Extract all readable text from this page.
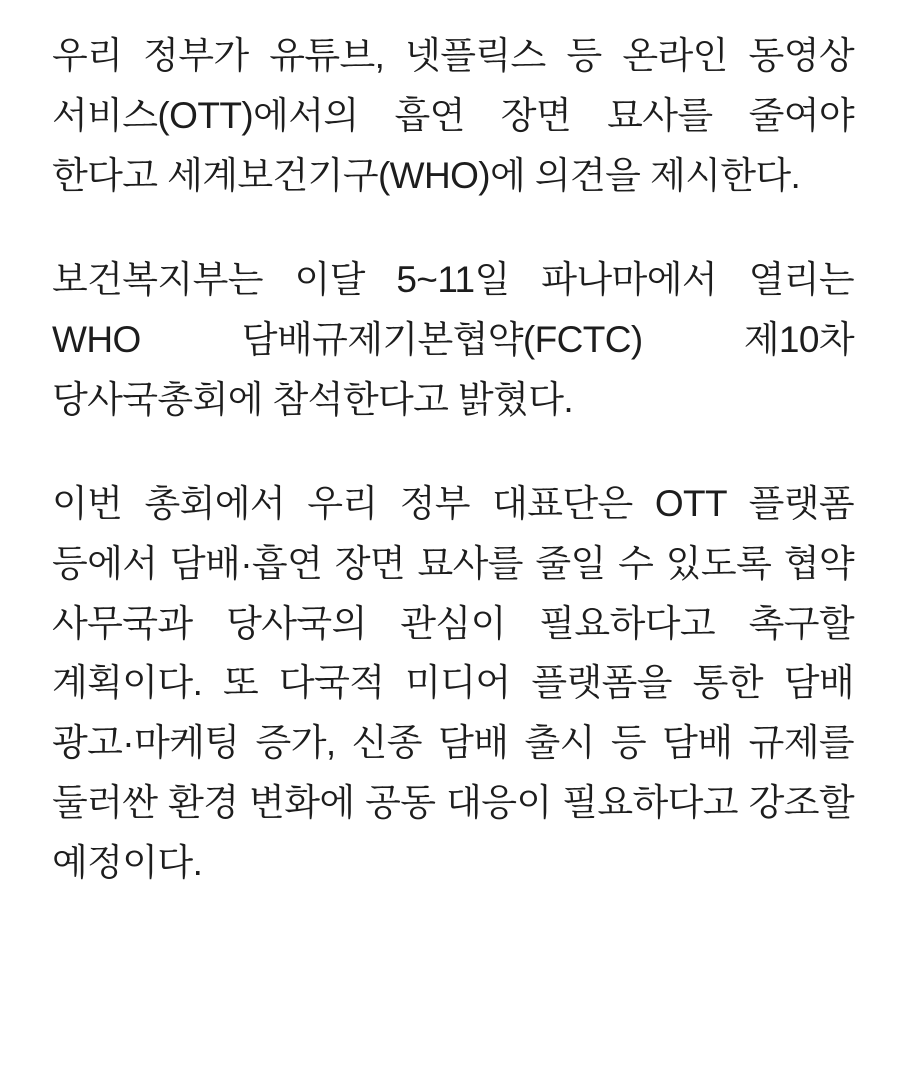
우리 정부가 유튜브, 넷플릭스 등 온라인 동영상 서비스(OTT)에서의 흡연 장면 묘사를 줄여야 한다고 세계보건기구(WHO)에 의견을 제시한다.

보건복지부는 이달 5~11일 파나마에서 열리는 WHO 담배규제기본협약(FCTC) 제10차 당사국총회에 참석한다고 밝혔다.

이번 총회에서 우리 정부 대표단은 OTT 플랫폼 등에서 담배·흡연 장면 묘사를 줄일 수 있도록 협약 사무국과 당사국의 관심이 필요하다고 촉구할 계획이다. 또 다국적 미디어 플랫폼을 통한 담배 광고·마케팅 증가, 신종 담배 출시 등 담배 규제를 둘러싼 환경 변화에 공동 대응이 필요하다고 강조할 예정이다.
